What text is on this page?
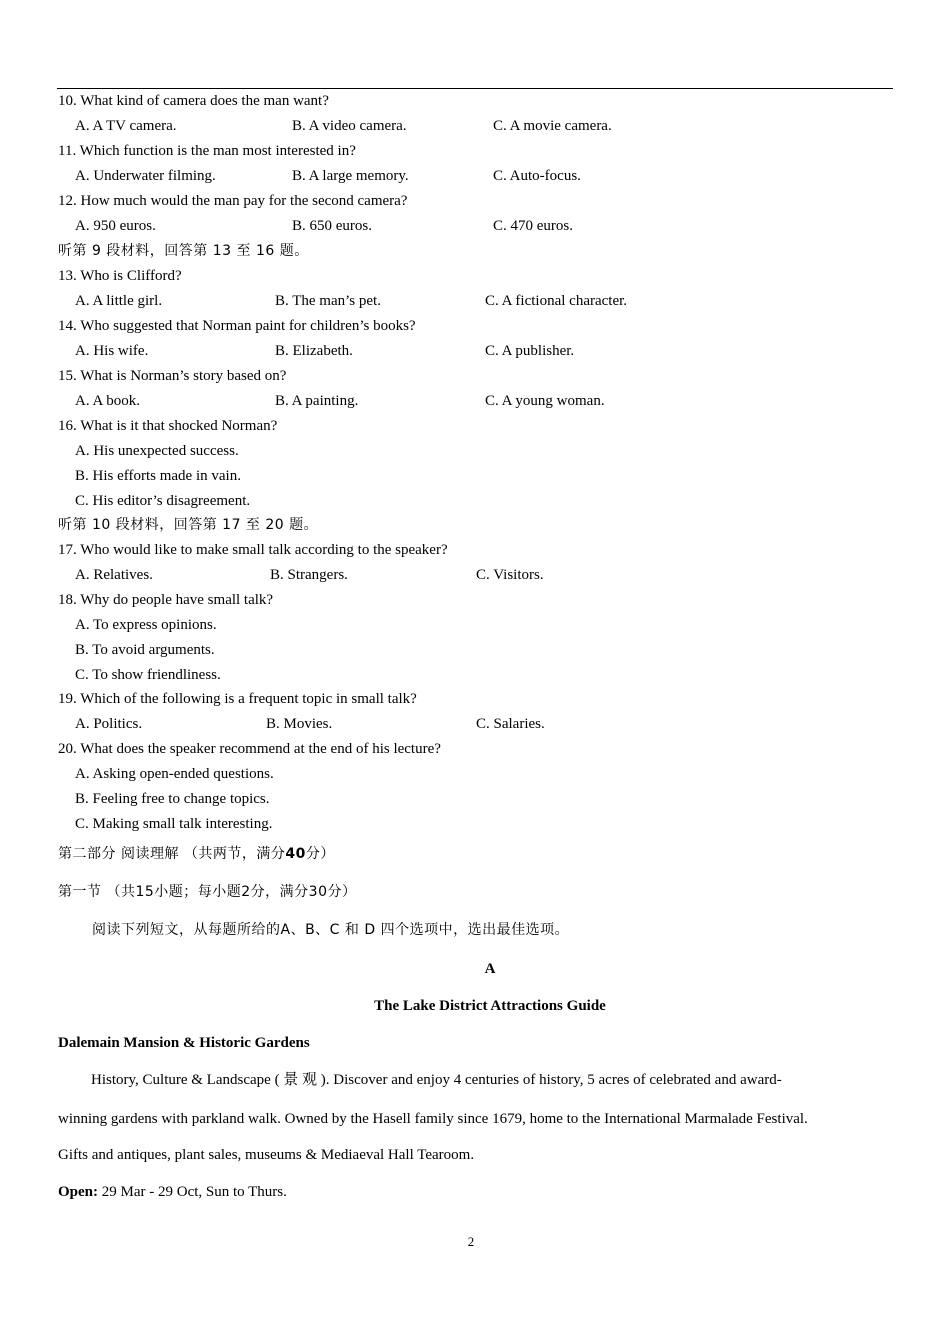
10. What kind of camera does the man want?
A. A TV camera.	B. A video camera.	C. A movie camera.
11. Which function is the man most interested in?
A. Underwater filming.	B. A large memory.	C. Auto-focus.
12. How much would the man pay for the second camera?
A. 950 euros.	B. 650 euros.	C. 470 euros.
听第 9 段材料，回答第 13 至 16 题。
13. Who is Clifford?
A. A little girl.	B. The man’s pet.	C. A fictional character.
14. Who suggested that Norman paint for children’s books?
A. His wife.	B. Elizabeth.	C. A publisher.
15. What is Norman’s story based on?
A. A book.	B. A painting.	C. A young woman.
16. What is it that shocked Norman?
A. His unexpected success.
B. His efforts made in vain.
C. His editor’s disagreement.
听第 10 段材料，回答第 17 至 20 题。
17. Who would like to make small talk according to the speaker?
A. Relatives.	B. Strangers.	C. Visitors.
18. Why do people have small talk?
A. To express opinions.
B. To avoid arguments.
C. To show friendliness.
19. Which of the following is a frequent topic in small talk?
A. Politics.	B. Movies.	C. Salaries.
20. What does the speaker recommend at the end of his lecture?
A. Asking open-ended questions.
B. Feeling free to change topics.
C. Making small talk interesting.
第二部分 阅读理解 （共两节，满分40分）
第一节 （共15小题；每小题2分，满分30分）
阅读下列短文，从每题所给的A、B、C 和 D 四个选项中，选出最佳选项。
A
The Lake District Attractions Guide
Dalemain Mansion & Historic Gardens
History, Culture & Landscape ( 景 观 ). Discover and enjoy 4 centuries of history, 5 acres of celebrated and award-
winning gardens with parkland walk. Owned by the Hasell family since 1679, home to the International Marmalade Festival.
Gifts and antiques, plant sales, museums & Mediaeval Hall Tearoom.
Open: 29 Mar - 29 Oct, Sun to Thurs.
2
